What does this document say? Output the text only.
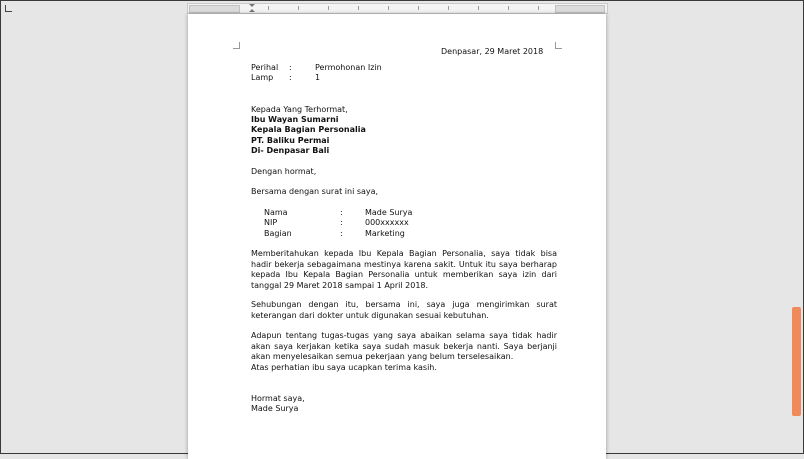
Denpasar, 29 Maret 2018
Perihal :	Permohonan Izin
Lamp :	1
Kepada Yang Terhormat,
Ibu Wayan Sumarni
Kepala Bagian Personalia
PT. Baliku Permai
Di- Denpasar Bali
Dengan hormat,
Bersama dengan surat ini saya,
Nama	:	Made Surya
NIP	:	000xxxxxx
Bagian	:	Marketing
Memberitahukan kepada Ibu Kepala Bagian Personalia, saya tidak bisa hadir bekerja sebagaimana mestinya karena sakit. Untuk itu saya berharap kepada Ibu Kepala Bagian Personalia untuk memberikan saya izin dari tanggal 29 Maret 2018 sampai 1 April 2018.
Sehubungan dengan itu, bersama ini, saya juga mengirimkan surat keterangan dari dokter untuk digunakan sesuai kebutuhan.
Adapun tentang tugas-tugas yang saya abaikan selama saya tidak hadir akan saya kerjakan ketika saya sudah masuk bekerja nanti. Saya berjanji akan menyelesaikan semua pekerjaan yang belum terselesaikan.
Atas perhatian ibu saya ucapkan terima kasih.
Hormat saya,
Made Surya
